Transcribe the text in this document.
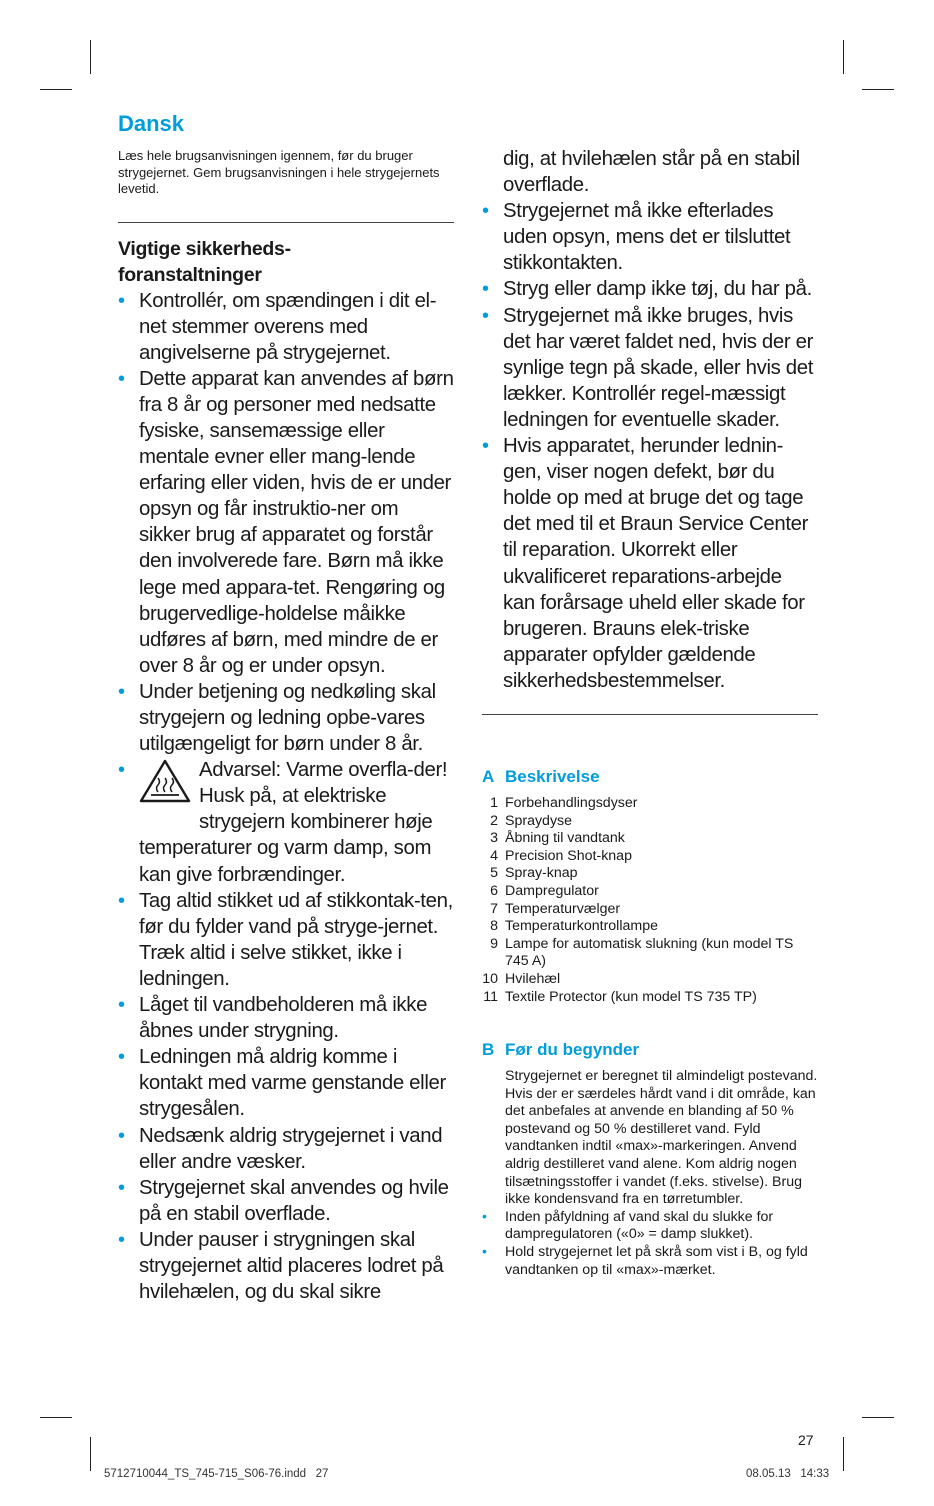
Dansk

Læs hele brugsanvisningen igennem, før du bruger strygejernet. Gem brugsanvisningen i hele strygejernets levetid.

Vigtige sikkerheds-

foranstaltninger

• Kontrollér, om spændingen i dit el-net stemmer overens med angivelserne på strygejernet.
• Dette apparat kan anvendes af børn fra 8 år og personer med nedsatte fysiske, sansemæssige eller mentale evner eller mang-lende erfaring eller viden, hvis de er under opsyn og får instruktio-ner om sikker brug af apparatet og forstår den involverede fare. Børn må ikke lege med appara-tet. Rengøring og brugervedlige-holdelse måikke udføres af børn, med mindre de er over 8 år og er under opsyn.
• Under betjening og nedkøling skal strygejern og ledning opbe-vares utilgængeligt for børn under 8 år.
•	Advarsel: Varme overfla-der! Husk på, at elektriske strygejern kombinerer høje temperaturer og varm damp, som kan give forbrændinger.
• Tag altid stikket ud af stikkontak-ten, før du fylder vand på stryge-jernet. Træk altid i selve stikket, ikke i ledningen.
• Låget til vandbeholderen må ikke åbnes under strygning.
• Ledningen må aldrig komme i kontakt med varme genstande eller strygesålen.
• Nedsænk aldrig strygejernet i vand eller andre væsker.
• Strygejernet skal anvendes og hvile på en stabil overflade.
• Under pauser i strygningen skal strygejernet altid placeres lodret på hvilehælen, og du skal sikre

dig, at hvilehælen står på en stabil overflade.

• Strygejernet må ikke efterlades uden opsyn, mens det er tilsluttet stikkontakten.
• Stryg eller damp ikke tøj, du har på.
• Strygejernet må ikke bruges, hvis det har været faldet ned, hvis der er synlige tegn på skade, eller hvis det lækker. Kontrollér regel-mæssigt ledningen for eventuelle skader.
• Hvis apparatet, herunder lednin-gen, viser nogen defekt, bør du holde op med at bruge det og tage det med til et Braun Service Center til reparation. Ukorrekt eller ukvalificeret reparations-arbejde kan forårsage uheld eller skade for brugeren. Brauns elek-triske apparater opfylder gældende sikkerhedsbestemmelser.

A Beskrivelse

1 Forbehandlingsdyser
2 Spraydyse
3 Åbning til vandtank
4 Precision Shot-knap
5 Spray-knap
6 Dampregulator
7 Temperaturvælger
8 Temperaturkontrollampe
9 Lampe for automatisk slukning (kun model TS 745 A)
10 Hvilehæl
11 Textile Protector (kun model TS 735 TP)

B Før du begynder

Strygejernet er beregnet til almindeligt postevand. Hvis der er særdeles hårdt vand i dit område, kan det anbefales at anvende en blanding af 50 % postevand og 50 % destilleret vand. Fyld vandtanken indtil «max»-markeringen. Anvend aldrig destilleret vand alene. Kom aldrig nogen tilsætningsstoffer i vandet (f.eks. stivelse). Brug ikke kondensvand fra en tørretumbler.

• Inden påfyldning af vand skal du slukke for dampregulatoren («0» = damp slukket).
• Hold strygejernet let på skrå som vist i B, og fyld vandtanken op til «max»-mærket.
27
5712710044_TS_745-715_S06-76.indd   27	08.05.13   14:33
